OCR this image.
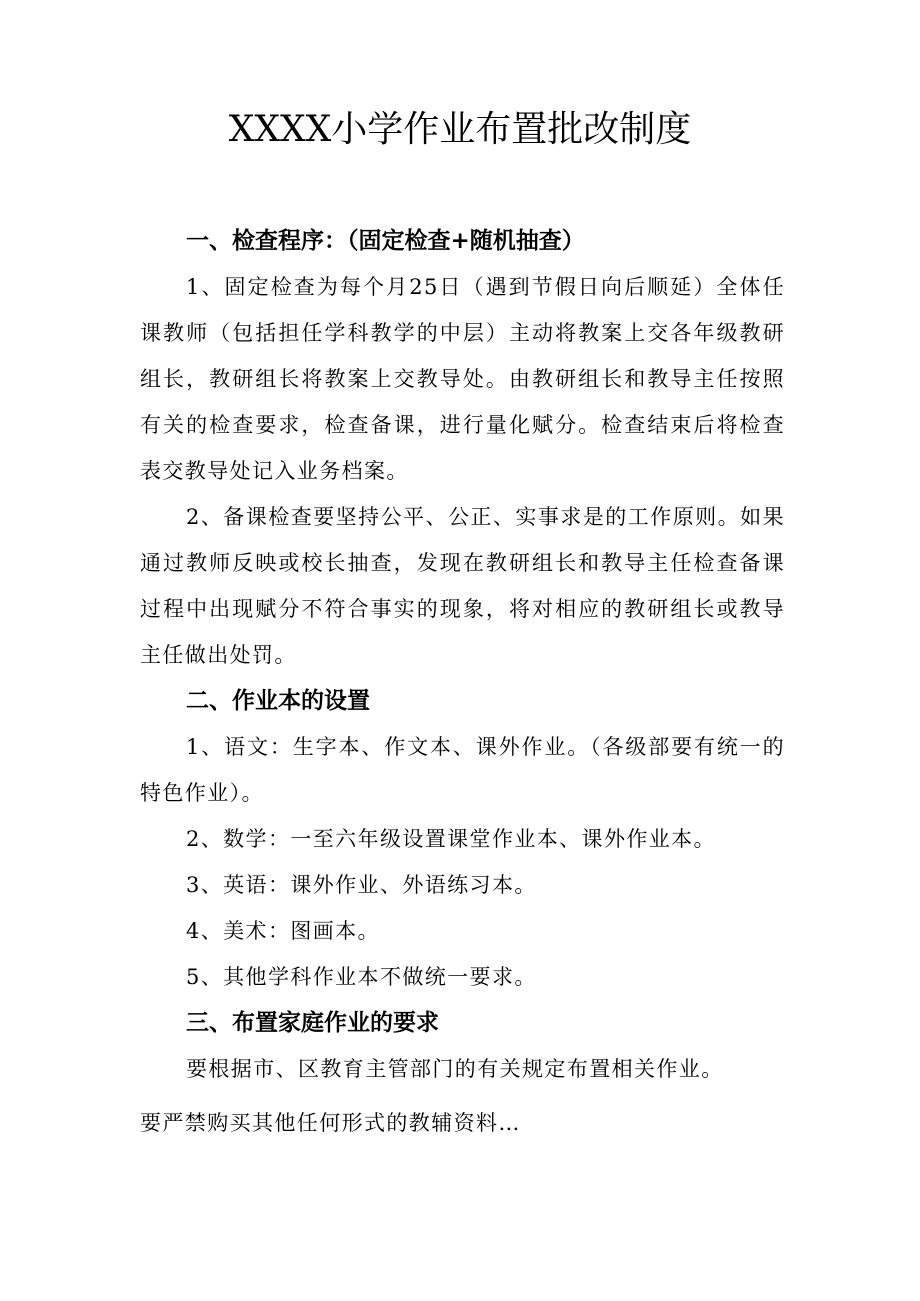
XXXX小学作业布置批改制度
一、检查程序：（固定检查+随机抽查）

1、固定检查为每个月25日（遇到节假日向后顺延）全体任课教师（包括担任学科教学的中层）主动将教案上交各年级教研组长，教研组长将教案上交教导处。由教研组长和教导主任按照有关的检查要求，检查备课，进行量化赋分。检查结束后将检查表交教导处记入业务档案。

2、备课检查要坚持公平、公正、实事求是的工作原则。如果通过教师反映或校长抽查，发现在教研组长和教导主任检查备课过程中出现赋分不符合事实的现象，将对相应的教研组长或教导主任做出处罚。

二、作业本的设置

1、语文：生字本、作文本、课外作业。（各级部要有统一的特色作业）。

2、数学：一至六年级设置课堂作业本、课外作业本。

3、英语：课外作业、外语练习本。

4、美术：图画本。

5、其他学科作业本不做统一要求。

三、布置家庭作业的要求

要根据市、区教育主管部门的有关规定布置相关作业。

要严禁购买其他任何形式的教辅资料…
